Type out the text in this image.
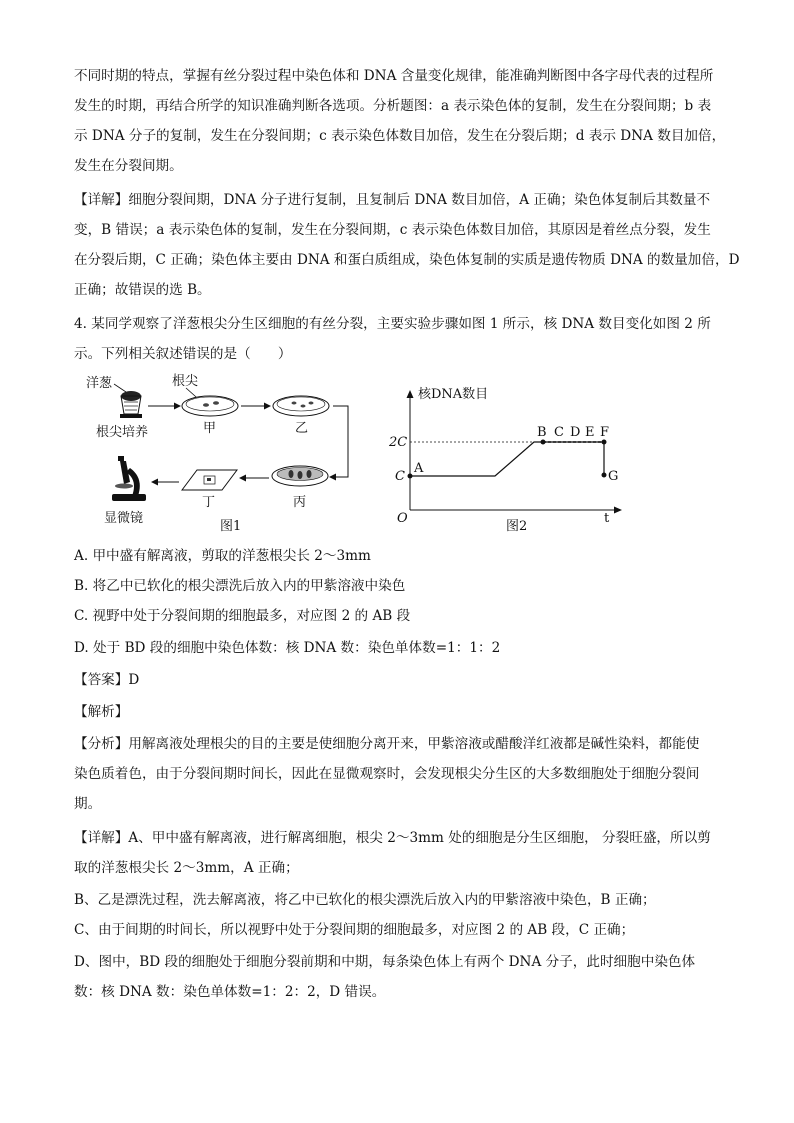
不同时期的特点，掌握有丝分裂过程中染色体和 DNA 含量变化规律，能准确判断图中各字母代表的过程所
发生的时期，再结合所学的知识准确判断各选项。分析题图：a 表示染色体的复制，发生在分裂间期；b 表
示 DNA 分子的复制，发生在分裂间期；c 表示染色体数目加倍，发生在分裂后期；d 表示 DNA 数目加倍，
发生在分裂间期。
【详解】细胞分裂间期，DNA 分子进行复制，且复制后 DNA 数目加倍，A 正确；染色体复制后其数量不
变，B 错误；a 表示染色体的复制，发生在分裂间期，c 表示染色体数目加倍，其原因是着丝点分裂，发生
在分裂后期，C 正确；染色体主要由 DNA 和蛋白质组成，染色体复制的实质是遗传物质 DNA 的数量加倍，D
正确；故错误的选 B。
4. 某同学观察了洋葱根尖分生区细胞的有丝分裂，主要实验步骤如图 1 所示，核 DNA 数目变化如图 2 所
示。下列相关叙述错误的是（　　）
洋葱
根尖培养
根尖
甲	乙
丙
丁
显微镜
图1
核DNA数目
2C
C
O	t
A
B C D E F
G
图2
A. 甲中盛有解离液，剪取的洋葱根尖长 2～3mm
B. 将乙中已软化的根尖漂洗后放入内的甲紫溶液中染色
C. 视野中处于分裂间期的细胞最多，对应图 2 的 AB 段
D. 处于 BD 段的细胞中染色体数：核 DNA 数：染色单体数=1：1：2
【答案】D
【解析】
【分析】用解离液处理根尖的目的主要是使细胞分离开来，甲紫溶液或醋酸洋红液都是碱性染料，都能使
染色质着色，由于分裂间期时间长，因此在显微观察时，会发现根尖分生区的大多数细胞处于细胞分裂间
期。
【详解】A、甲中盛有解离液，进行解离细胞，根尖 2～3mm 处的细胞是分生区细胞， 分裂旺盛，所以剪
取的洋葱根尖长 2～3mm，A 正确；
B、乙是漂洗过程，洗去解离液，将乙中已软化的根尖漂洗后放入内的甲紫溶液中染色，B 正确；
C、由于间期的时间长，所以视野中处于分裂间期的细胞最多，对应图 2 的 AB 段，C 正确；
D、图中，BD 段的细胞处于细胞分裂前期和中期，每条染色体上有两个 DNA 分子，此时细胞中染色体
数：核 DNA 数：染色单体数=1：2：2，D 错误。
